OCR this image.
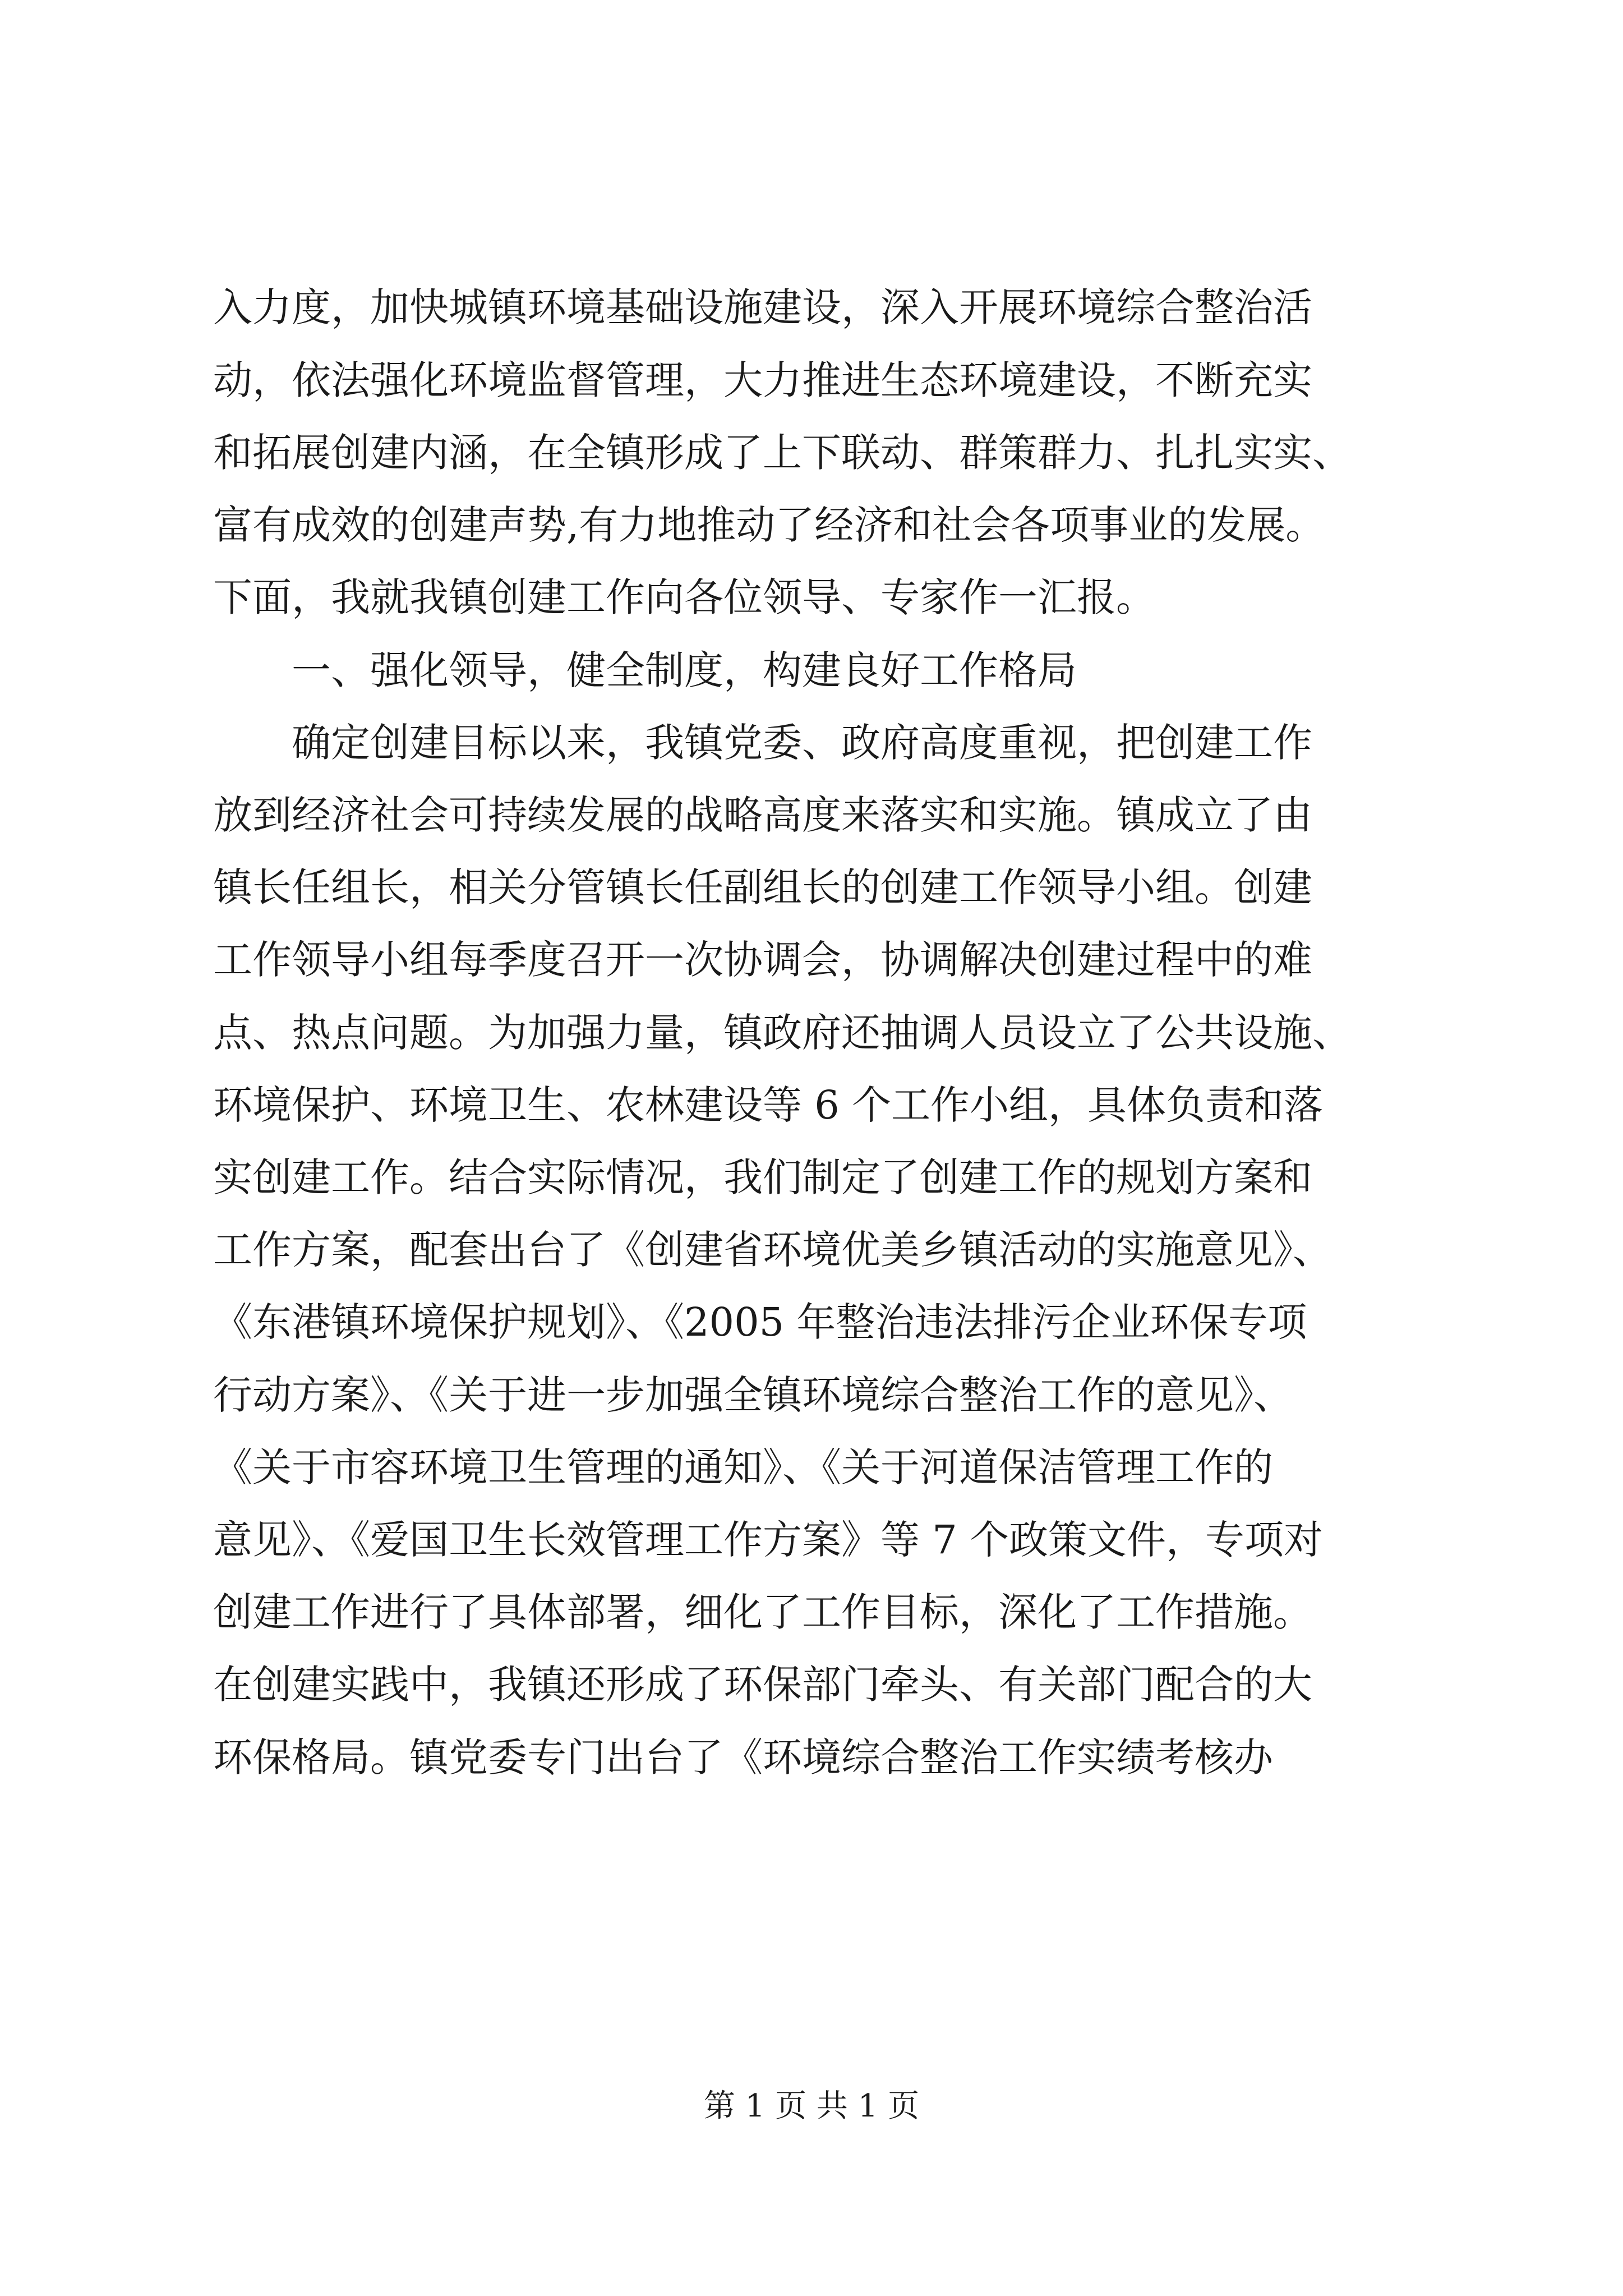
入力度，加快城镇环境基础设施建设，深入开展环境综合整治活
动，依法强化环境监督管理，大力推进生态环境建设，不断充实
和拓展创建内涵，在全镇形成了上下联动、群策群力、扎扎实实、
富有成效的创建声势,有力地推动了经济和社会各项事业的发展。
下面，我就我镇创建工作向各位领导、专家作一汇报。
一、强化领导，健全制度，构建良好工作格局
确定创建目标以来，我镇党委、政府高度重视，把创建工作
放到经济社会可持续发展的战略高度来落实和实施。镇成立了由
镇长任组长，相关分管镇长任副组长的创建工作领导小组。创建
工作领导小组每季度召开一次协调会，协调解决创建过程中的难
点、热点问题。为加强力量，镇政府还抽调人员设立了公共设施、
环境保护、环境卫生、农林建设等 6 个工作小组，具体负责和落
实创建工作。结合实际情况，我们制定了创建工作的规划方案和
工作方案，配套出台了《创建省环境优美乡镇活动的实施意见》、
《东港镇环境保护规划》、《2005 年整治违法排污企业环保专项
行动方案》、《关于进一步加强全镇环境综合整治工作的意见》、
《关于市容环境卫生管理的通知》、《关于河道保洁管理工作的
意见》、《爱国卫生长效管理工作方案》等 7 个政策文件，专项对
创建工作进行了具体部署，细化了工作目标，深化了工作措施。
在创建实践中，我镇还形成了环保部门牵头、有关部门配合的大
环保格局。镇党委专门出台了《环境综合整治工作实绩考核办
第 1 页 共 1 页
